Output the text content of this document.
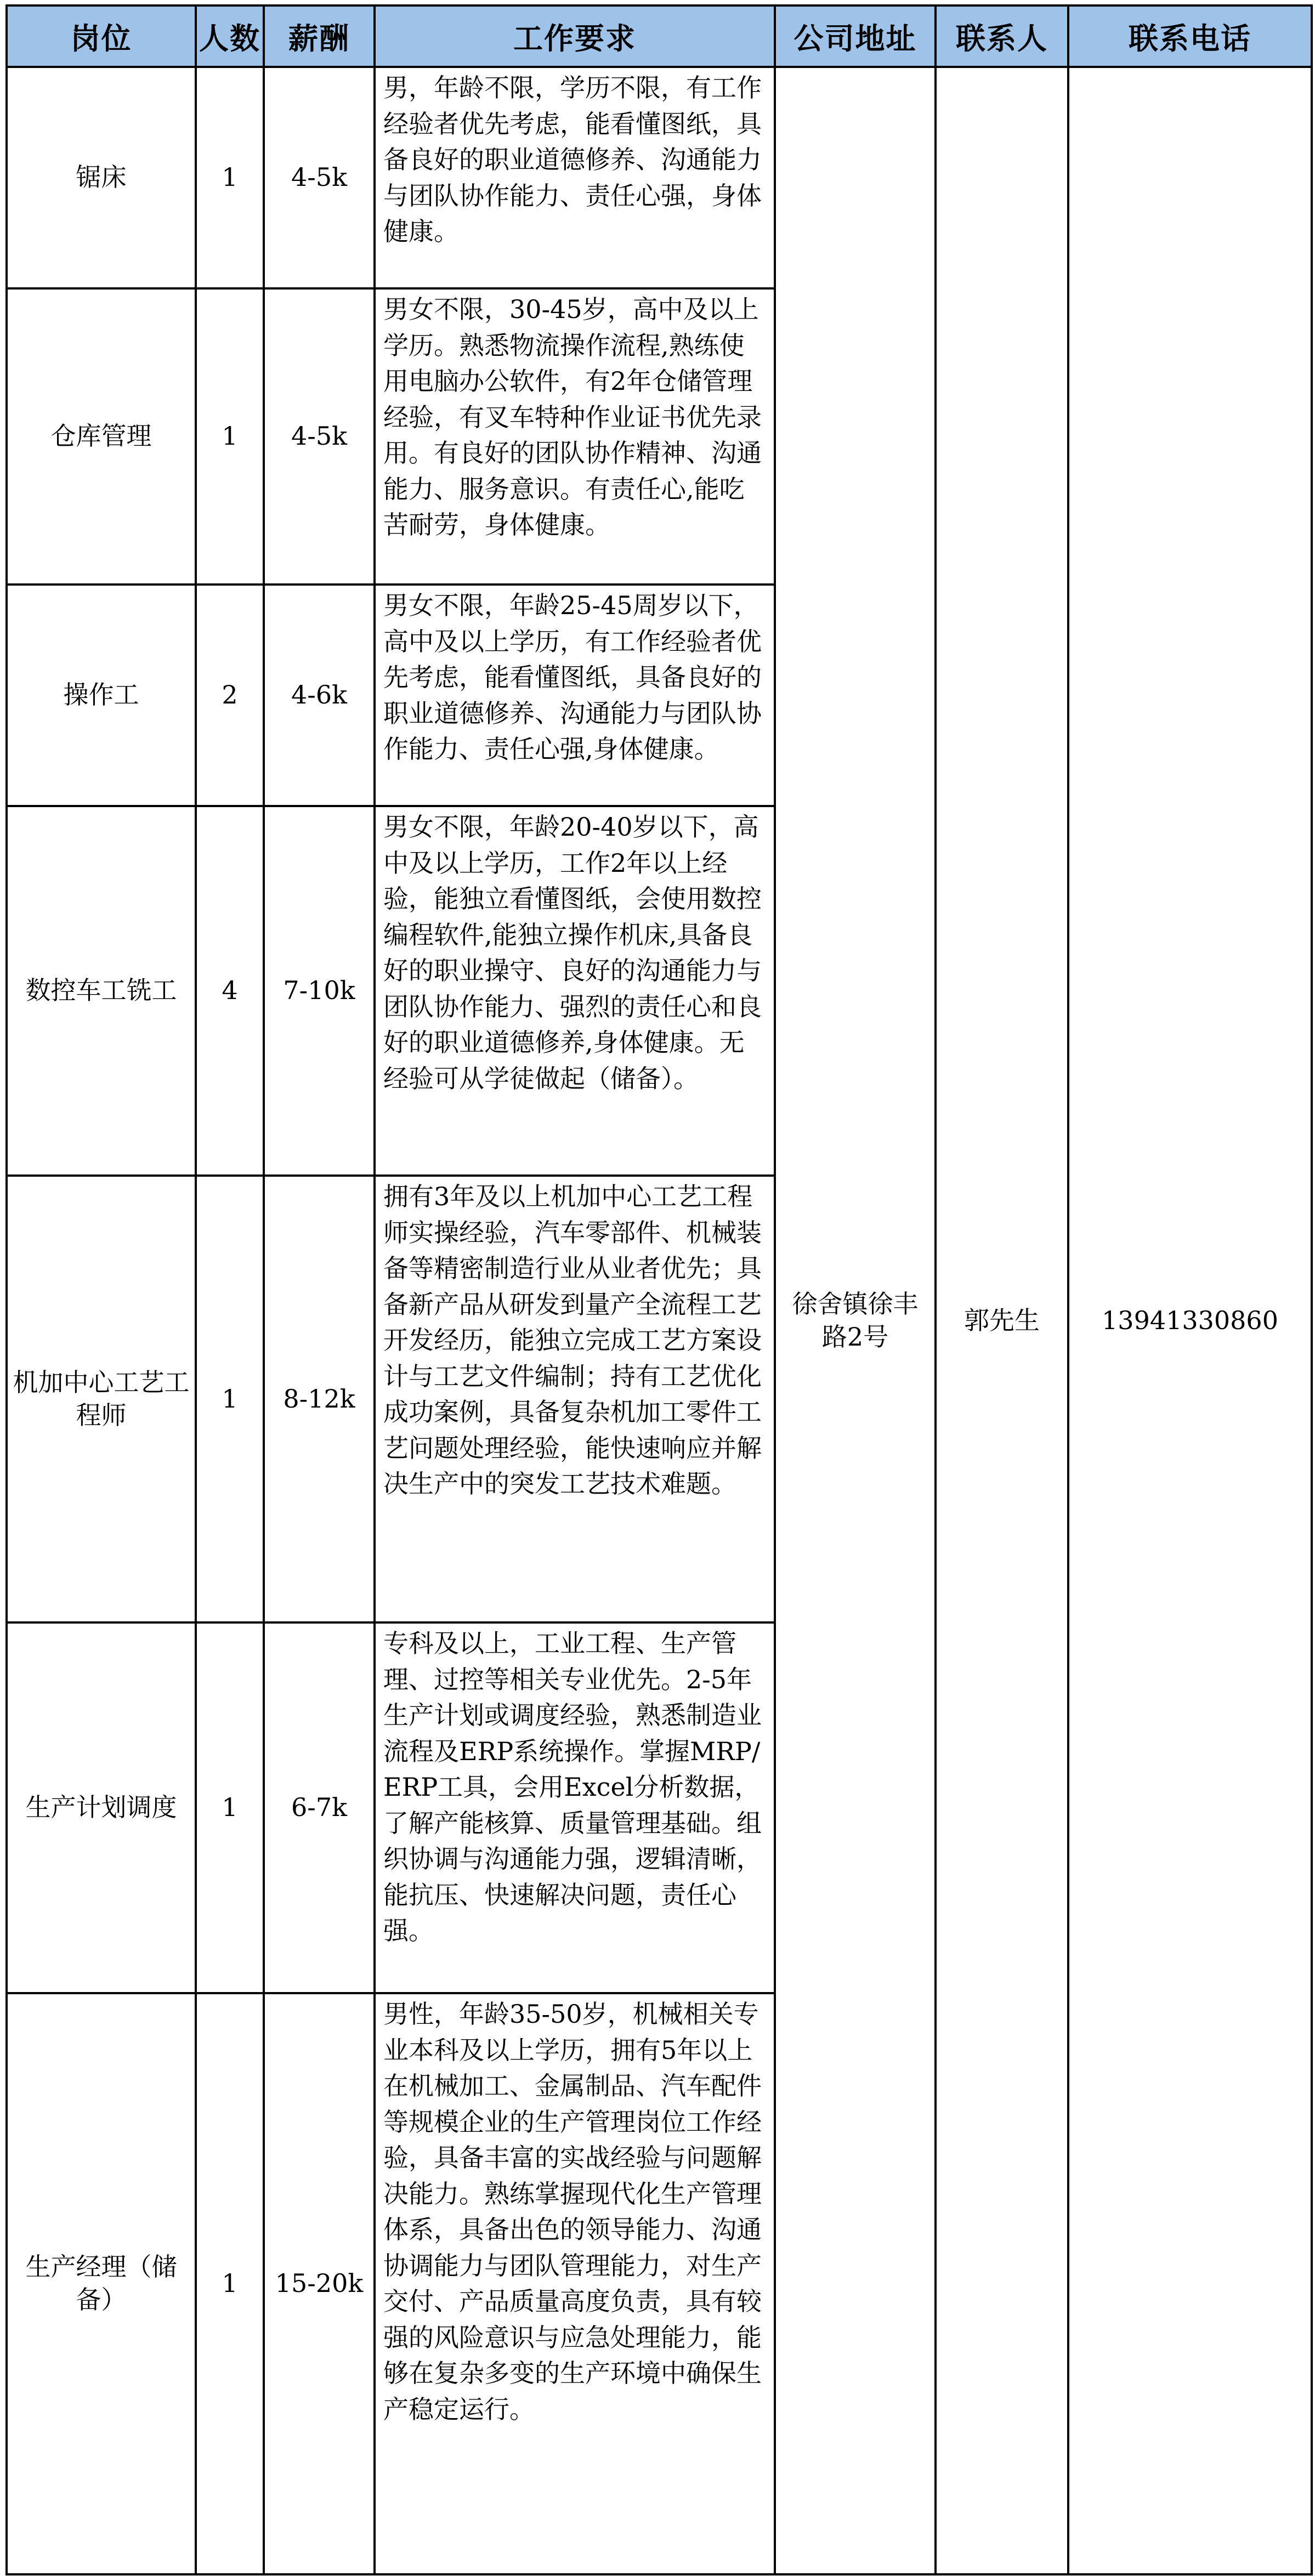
岗位	人数	薪酬	工作要求	公司地址	联系人	联系电话
锯床	1	4-5k	男，年龄不限，学历不限，有工作经验者优先考虑，能看懂图纸，具备良好的职业道德修养、沟通能力与团队协作能力、责任心强，身体健康。	徐舍镇徐丰路2号	郭先生	13941330860
仓库管理	1	4-5k	男女不限，30-45岁，高中及以上学历。熟悉物流操作流程,熟练使用电脑办公软件，有2年仓储管理经验，有叉车特种作业证书优先录用。有良好的团队协作精神、沟通能力、服务意识。有责任心,能吃苦耐劳，身体健康。			
操作工	2	4-6k	男女不限，年龄25-45周岁以下，高中及以上学历，有工作经验者优先考虑，能看懂图纸，具备良好的职业道德修养、沟通能力与团队协作能力、责任心强,身体健康。			
数控车工铣工	4	7-10k	男女不限，年龄20-40岁以下，高中及以上学历，工作2年以上经验，能独立看懂图纸，会使用数控编程软件,能独立操作机床,具备良好的职业操守、良好的沟通能力与团队协作能力、强烈的责任心和良好的职业道德修养,身体健康。无经验可从学徒做起（储备）。			
机加中心工艺工程师	1	8-12k	拥有3年及以上机加中心工艺工程师实操经验，汽车零部件、机械装备等精密制造行业从业者优先；具备新产品从研发到量产全流程工艺开发经历，能独立完成工艺方案设计与工艺文件编制；持有工艺优化成功案例，具备复杂机加工零件工艺问题处理经验，能快速响应并解决生产中的突发工艺技术难题。			
生产计划调度	1	6-7k	专科及以上，工业工程、生产管理、过控等相关专业优先。2-5年生产计划或调度经验，熟悉制造业流程及ERP系统操作。掌握MRP/ERP工具，会用Excel分析数据，了解产能核算、质量管理基础。组织协调与沟通能力强，逻辑清晰，能抗压、快速解决问题，责任心强。			
生产经理（储备）	1	15-20k	男性，年龄35-50岁，机械相关专业本科及以上学历，拥有5年以上在机械加工、金属制品、汽车配件等规模企业的生产管理岗位工作经验，具备丰富的实战经验与问题解决能力。熟练掌握现代化生产管理体系，具备出色的领导能力、沟通协调能力与团队管理能力，对生产交付、产品质量高度负责，具有较强的风险意识与应急处理能力，能够在复杂多变的生产环境中确保生产稳定运行。			
